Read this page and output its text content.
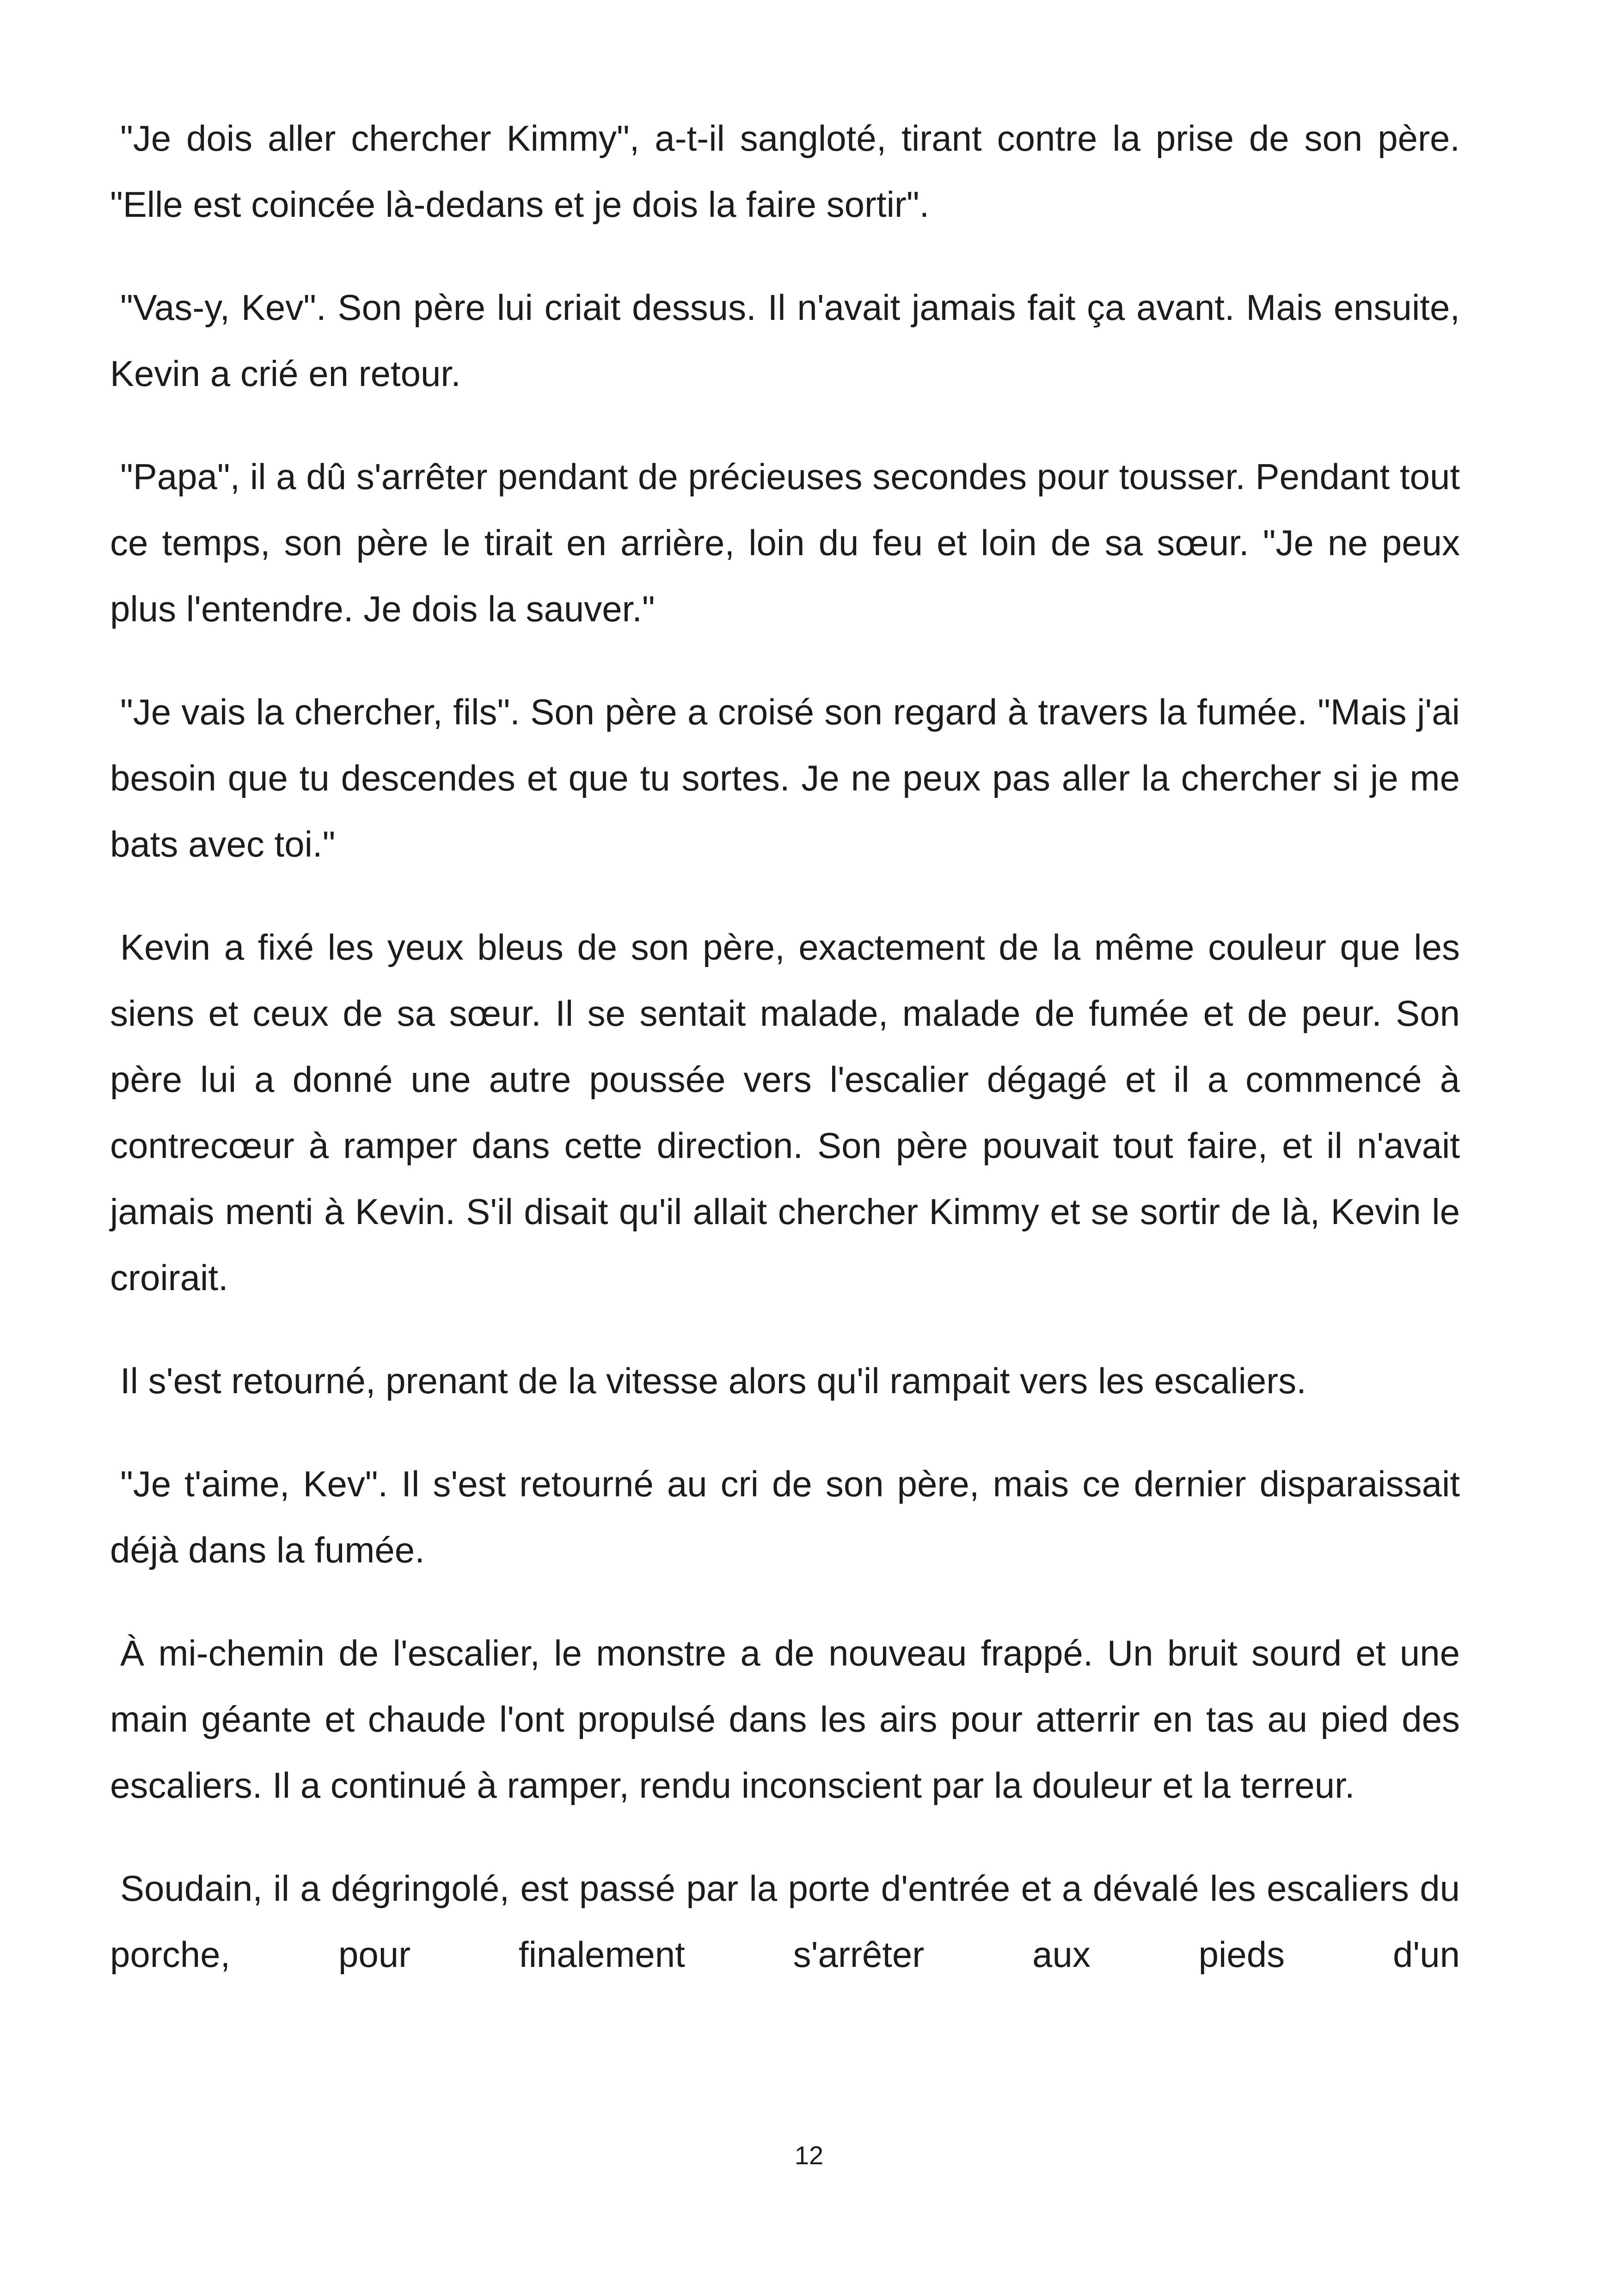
"Je dois aller chercher Kimmy", a-t-il sangloté, tirant contre la prise de son père. "Elle est coincée là-dedans et je dois la faire sortir".

"Vas-y, Kev". Son père lui criait dessus. Il n'avait jamais fait ça avant. Mais ensuite, Kevin a crié en retour.

"Papa", il a dû s'arrêter pendant de précieuses secondes pour tousser. Pendant tout ce temps, son père le tirait en arrière, loin du feu et loin de sa sœur. "Je ne peux plus l'entendre. Je dois la sauver."

"Je vais la chercher, fils". Son père a croisé son regard à travers la fumée. "Mais j'ai besoin que tu descendes et que tu sortes. Je ne peux pas aller la chercher si je me bats avec toi."

Kevin a fixé les yeux bleus de son père, exactement de la même couleur que les siens et ceux de sa sœur. Il se sentait malade, malade de fumée et de peur. Son père lui a donné une autre poussée vers l'escalier dégagé et il a commencé à contrecœur à ramper dans cette direction. Son père pouvait tout faire, et il n'avait jamais menti à Kevin. S'il disait qu'il allait chercher Kimmy et se sortir de là, Kevin le croirait.

Il s'est retourné, prenant de la vitesse alors qu'il rampait vers les escaliers.

"Je t'aime, Kev". Il s'est retourné au cri de son père, mais ce dernier disparaissait déjà dans la fumée.

À mi-chemin de l'escalier, le monstre a de nouveau frappé. Un bruit sourd et une main géante et chaude l'ont propulsé dans les airs pour atterrir en tas au pied des escaliers. Il a continué à ramper, rendu inconscient par la douleur et la terreur.

Soudain, il a dégringolé, est passé par la porte d'entrée et a dévalé les escaliers du porche, pour finalement s'arrêter aux pieds d'un

12
